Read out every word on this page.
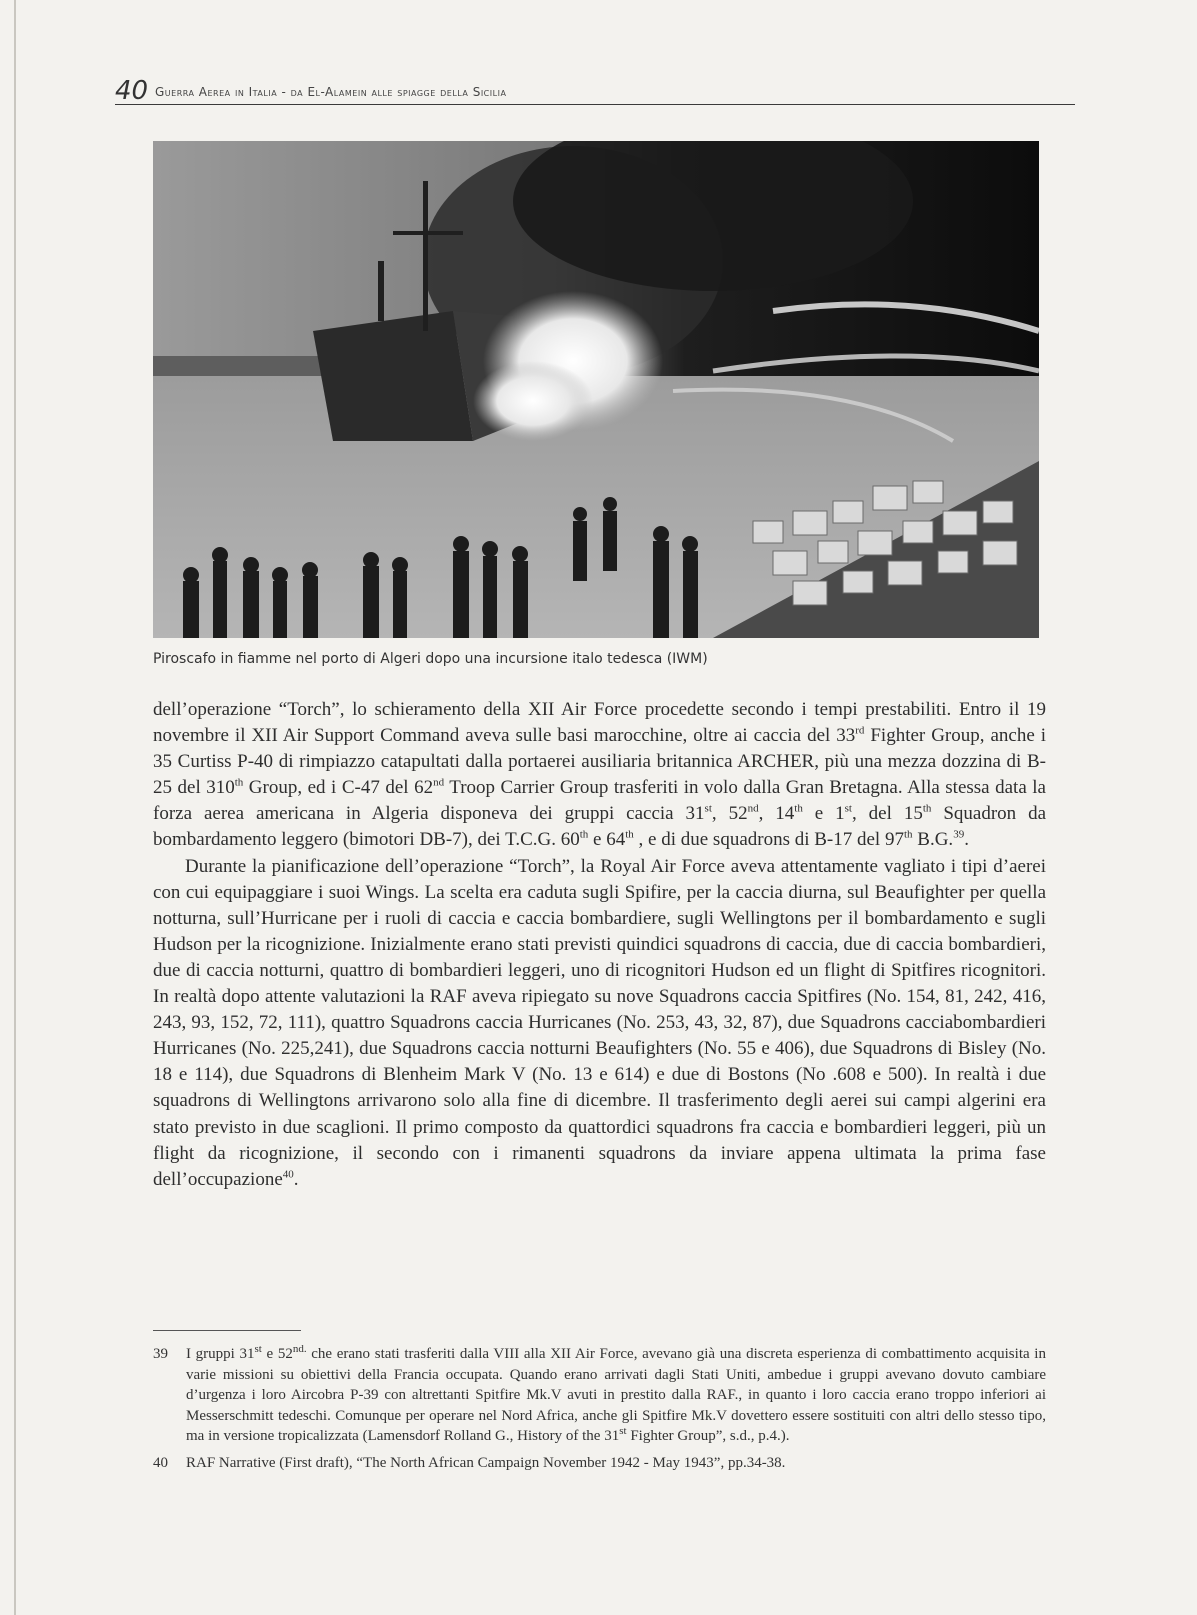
40 Guerra Aerea in Italia - da El-Alamein alle spiagge della Sicilia
Piroscafo in fiamme nel porto di Algeri dopo una incursione italo tedesca (IWM)

dell’operazione “Torch”, lo schieramento della XII Air Force procedette secondo i tempi prestabiliti. Entro il 19 novembre il XII Air Support Command aveva sulle basi marocchine, oltre ai caccia del 33rd Fighter Group, anche i 35 Curtiss P-40 di rimpiazzo catapultati dalla portaerei ausiliaria britannica ARCHER, più una mezza dozzina di B-25 del 310th Group, ed i C-47 del 62nd Troop Carrier Group trasferiti in volo dalla Gran Bretagna. Alla stessa data la forza aerea americana in Algeria disponeva dei gruppi caccia 31st, 52nd, 14th e 1st, del 15th Squadron da bombardamento leggero (bimotori DB-7), dei T.C.G. 60th e 64th , e di due squadrons di B-17 del 97th B.G.$^{39}$.

Durante la pianificazione dell’operazione “Torch”, la Royal Air Force aveva attentamente vagliato i tipi d’aerei con cui equipaggiare i suoi Wings. La scelta era caduta sugli Spifire, per la caccia diurna, sul Beaufighter per quella notturna, sull’Hurricane per i ruoli di caccia e caccia bombardiere, sugli Wellingtons per il bombardamento e sugli Hudson per la ricognizione. Inizialmente erano stati previsti quindici squadrons di caccia, due di caccia bombardieri, due di caccia notturni, quattro di bombardieri leggeri, uno di ricognitori Hudson ed un flight di Spitfires ricognitori. In realtà dopo attente valutazioni la RAF aveva ripiegato su nove Squadrons caccia Spitfires (No. 154, 81, 242, 416, 243, 93, 152, 72, 111), quattro Squadrons caccia Hurricanes (No. 253, 43, 32, 87), due Squadrons cacciabombardieri Hurricanes (No. 225,241), due Squadrons caccia notturni Beaufighters (No. 55 e 406), due Squadrons di Bisley (No. 18 e 114), due Squadrons di Blenheim Mark V (No. 13 e 614) e due di Bostons (No .608 e 500). In realtà i due squadrons di Wellingtons arrivarono solo alla fine di dicembre. Il trasferimento degli aerei sui campi algerini era stato previsto in due scaglioni. Il primo composto da quattordici squadrons fra caccia e bombardieri leggeri, più un flight da ricognizione, il secondo con i rimanenti squadrons da inviare appena ultimata la prima fase dell’occupazione$^{40}$.

39 I gruppi 31st e $52^{nd.}$ che erano stati trasferiti dalla VIII alla XII Air Force, avevano già una discreta esperienza di combattimento acquisita in varie missioni su obiettivi della Francia occupata. Quando erano arrivati dagli Stati Uniti, ambedue i gruppi avevano dovuto cambiare d’urgenza i loro Aircobra P-39 con altrettanti Spitfire Mk.V avuti in prestito dalla RAF., in quanto i loro caccia erano troppo inferiori ai Messerschmitt tedeschi. Comunque per operare nel Nord Africa, anche gli Spitfire Mk.V dovettero essere sostituiti con altri dello stesso tipo, ma in versione tropicalizzata (Lamensdorf Rolland G., History of the 31st Fighter Group”, s.d., p.4.).
40 RAF Narrative (First draft), “The North African Campaign November 1942 - May 1943”, pp.34-38.
